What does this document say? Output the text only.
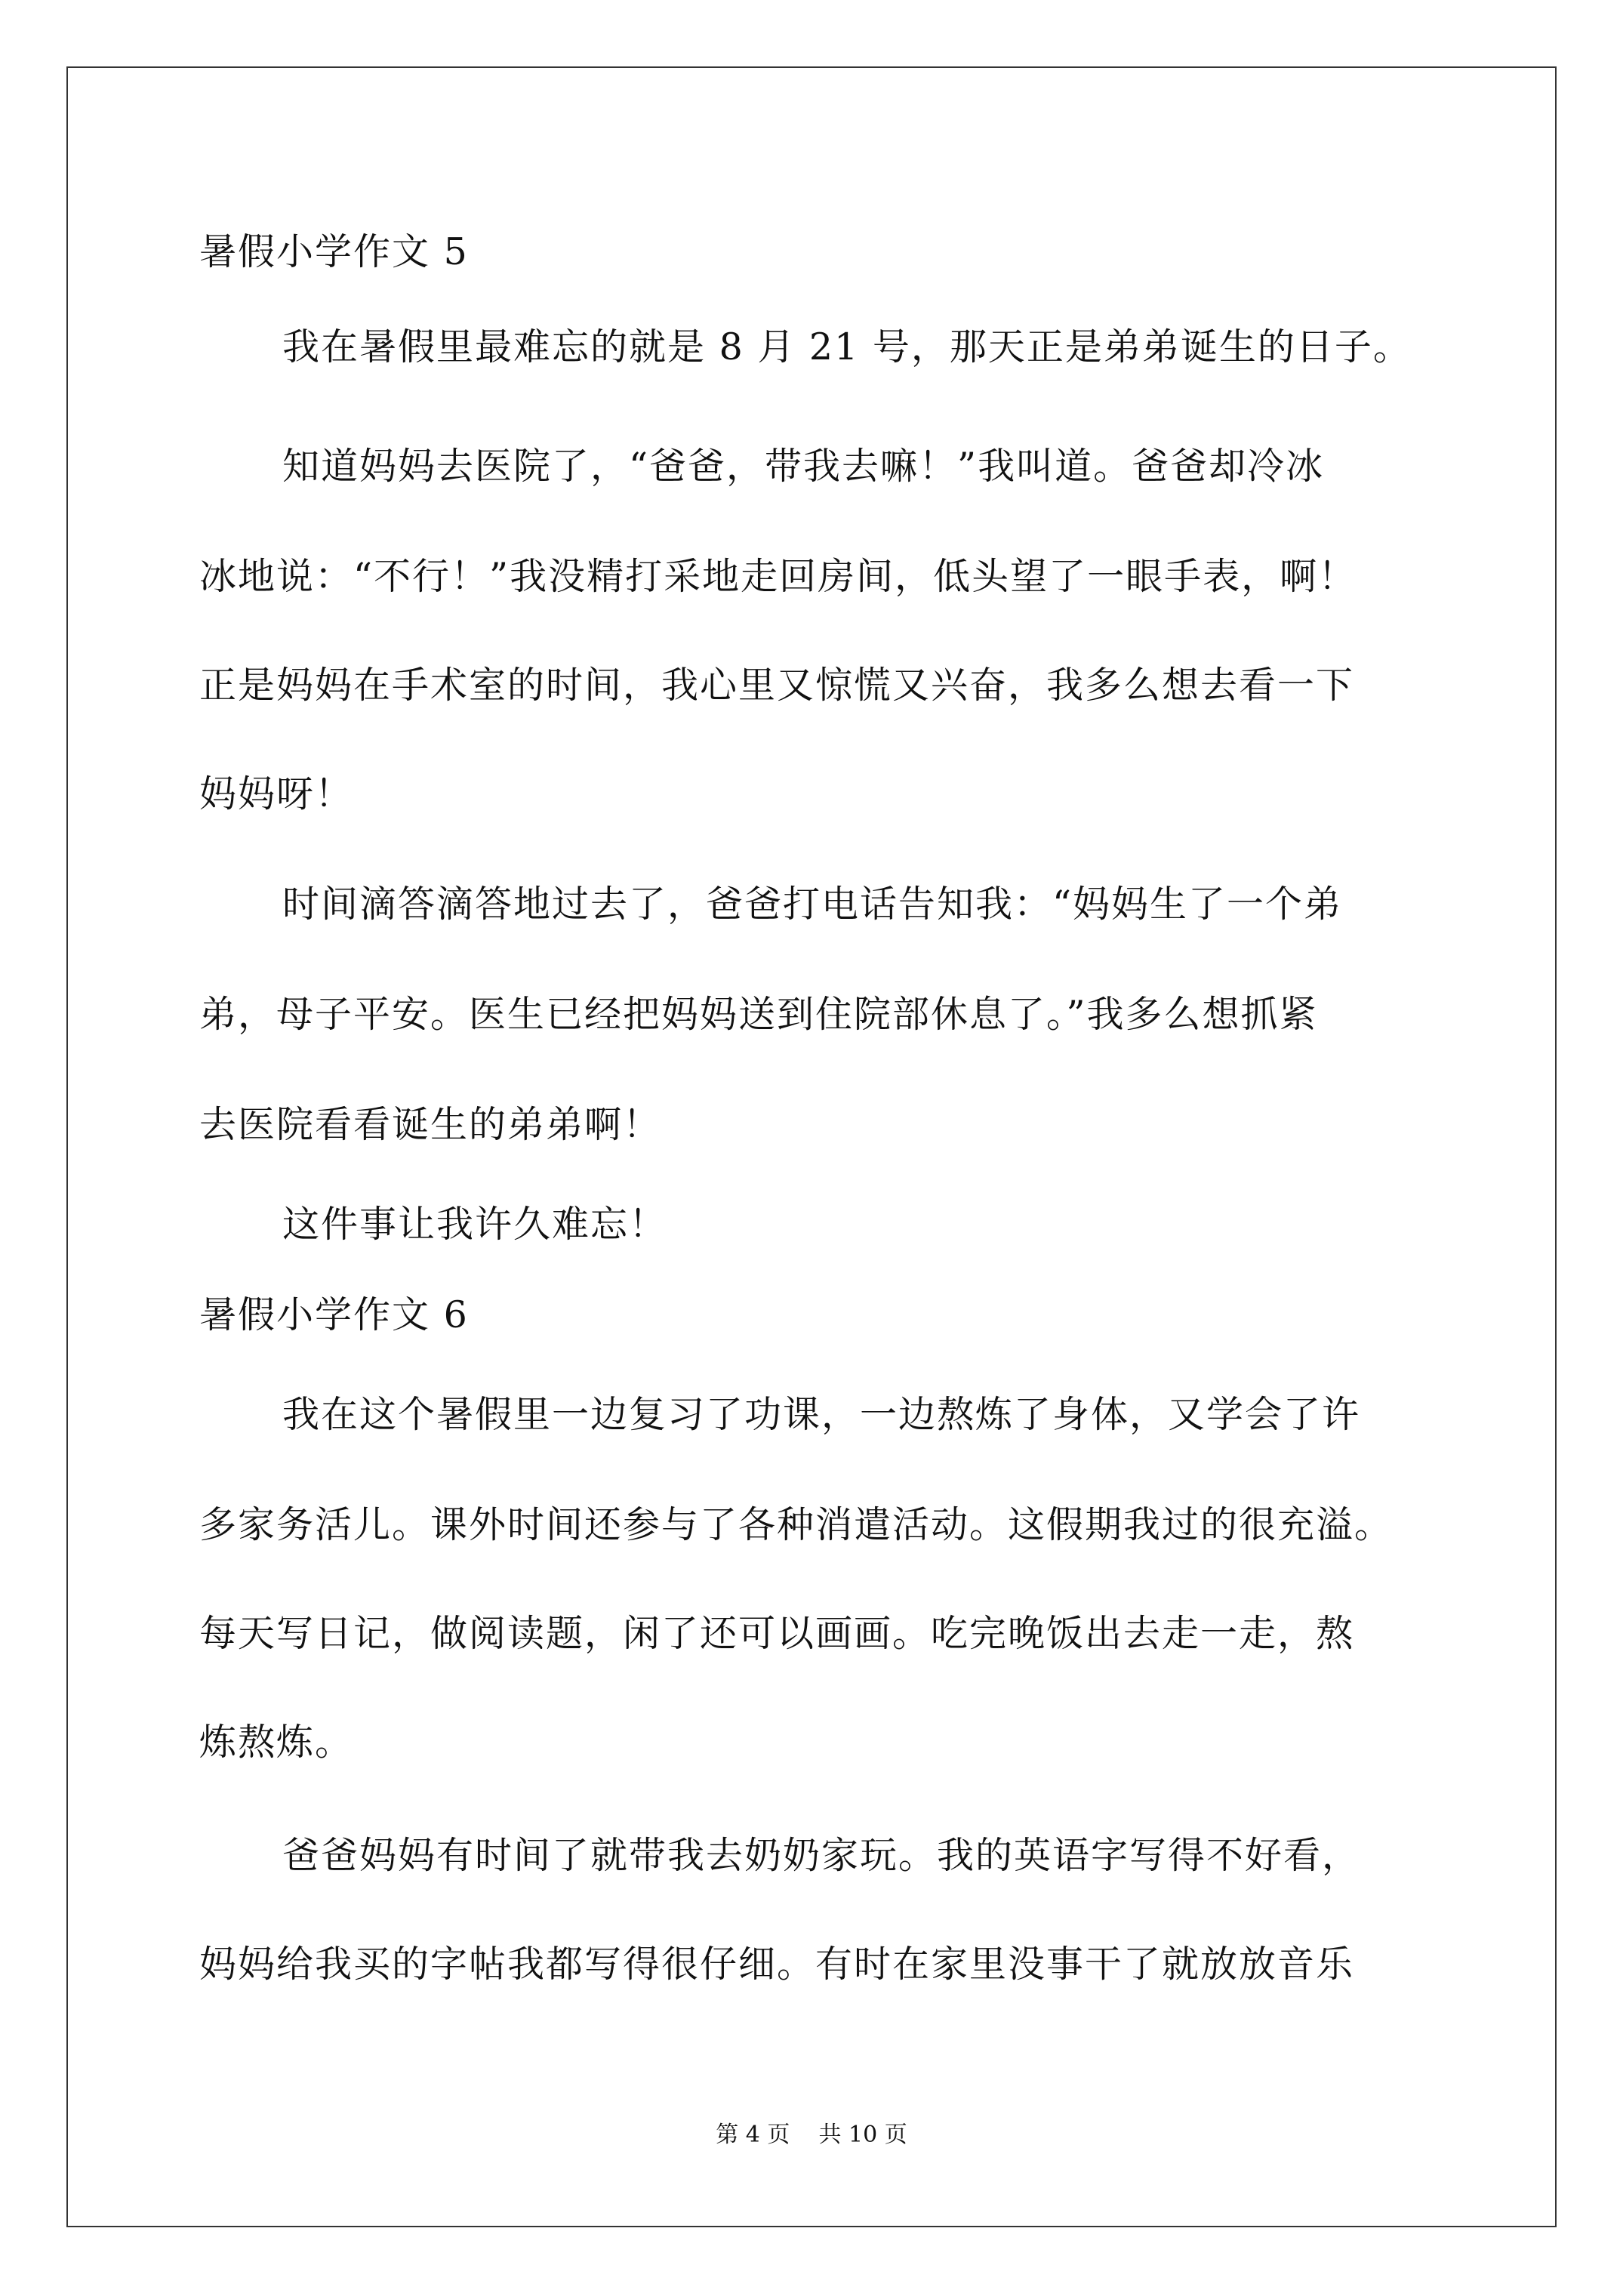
暑假小学作文 5
我在暑假里最难忘的就是 8 月 21 号，那天正是弟弟诞生的日子。
知道妈妈去医院了，“爸爸，带我去嘛！”我叫道。爸爸却冷冰
冰地说：“不行！”我没精打采地走回房间，低头望了一眼手表，啊！
正是妈妈在手术室的时间，我心里又惊慌又兴奋，我多么想去看一下
妈妈呀！
时间滴答滴答地过去了，爸爸打电话告知我：“妈妈生了一个弟
弟，母子平安。医生已经把妈妈送到住院部休息了。”我多么想抓紧
去医院看看诞生的弟弟啊！
这件事让我许久难忘！
暑假小学作文 6
我在这个暑假里一边复习了功课，一边熬炼了身体，又学会了许
多家务活儿。课外时间还参与了各种消遣活动。这假期我过的很充溢。
每天写日记，做阅读题，闲了还可以画画。吃完晚饭出去走一走，熬
炼熬炼。
爸爸妈妈有时间了就带我去奶奶家玩。我的英语字写得不好看，
妈妈给我买的字帖我都写得很仔细。有时在家里没事干了就放放音乐
第 4 页    共 10 页
